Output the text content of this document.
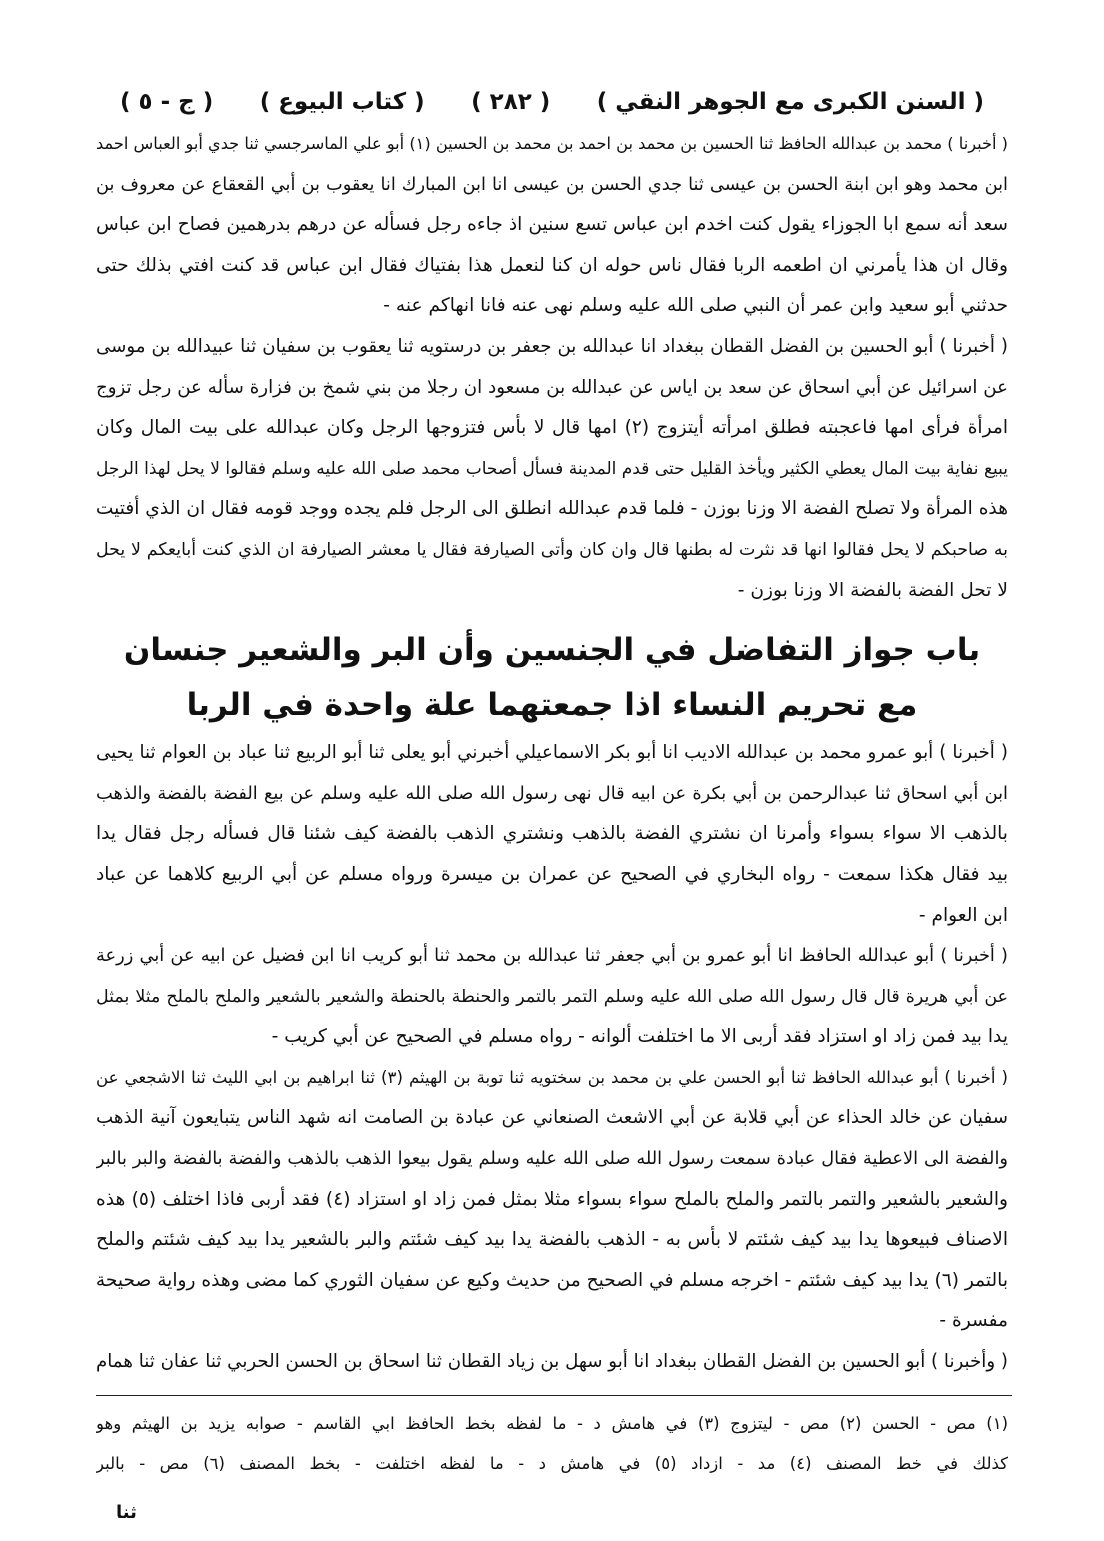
( السنن الكبرى مع الجوهر النقي )
( ٢٨٢ )
( كتاب البيوع )
( ج - ٥ )
( أخبرنا ) محمد بن عبدالله الحافظ ثنا الحسين بن محمد بن احمد بن محمد بن الحسين (١) أبو علي الماسرجسي ثنا جدي أبو العباس احمد
ابن محمد وهو ابن ابنة الحسن بن عيسى ثنا جدي الحسن بن عيسى انا ابن المبارك انا يعقوب بن أبي القعقاع عن معروف بن
سعد أنه سمع ابا الجوزاء يقول كنت اخدم ابن عباس تسع سنين اذ جاءه رجل فسأله عن درهم بدرهمين فصاح ابن عباس
وقال ان هذا يأمرني ان اطعمه الربا فقال ناس حوله ان كنا لنعمل هذا بفتياك فقال ابن عباس قد كنت افتي بذلك حتى
حدثني أبو سعيد وابن عمر أن النبي صلى الله عليه وسلم نهى عنه فانا انهاكم عنه -
( أخبرنا ) أبو الحسين بن الفضل القطان ببغداد انا عبدالله بن جعفر بن درستويه ثنا يعقوب بن سفيان ثنا عبيدالله بن موسى
عن اسرائيل عن أبي اسحاق عن سعد بن اياس عن عبدالله بن مسعود ان رجلا من بني شمخ بن فزارة سأله عن رجل تزوج
امرأة فرأى امها فاعجبته فطلق امرأته أيتزوج (٢) امها قال لا بأس فتزوجها الرجل وكان عبدالله على بيت المال وكان
يبيع نفاية بيت المال يعطي الكثير ويأخذ القليل حتى قدم المدينة فسأل أصحاب محمد صلى الله عليه وسلم فقالوا لا يحل لهذا الرجل
هذه المرأة ولا تصلح الفضة الا وزنا بوزن - فلما قدم عبدالله انطلق الى الرجل فلم يجده ووجد قومه فقال ان الذي أفتيت
به صاحبكم لا يحل فقالوا انها قد نثرت له بطنها قال وان كان وأتى الصيارفة فقال يا معشر الصيارفة ان الذي كنت أبايعكم لا يحل
لا تحل الفضة بالفضة الا وزنا بوزن -
باب جواز التفاضل في الجنسين وأن البر والشعير جنسان
مع تحريم النساء اذا جمعتهما علة واحدة في الربا
( أخبرنا ) أبو عمرو محمد بن عبدالله الاديب انا أبو بكر الاسماعيلي أخبرني أبو يعلى ثنا أبو الربيع ثنا عباد بن العوام ثنا يحيى
ابن أبي اسحاق ثنا عبدالرحمن بن أبي بكرة عن ابيه قال نهى رسول الله صلى الله عليه وسلم عن بيع الفضة بالفضة والذهب
بالذهب الا سواء بسواء وأمرنا ان نشتري الفضة بالذهب ونشتري الذهب بالفضة كيف شئنا قال فسأله رجل فقال يدا
بيد فقال هكذا سمعت - رواه البخاري في الصحيح عن عمران بن ميسرة ورواه مسلم عن أبي الربيع كلاهما عن عباد
ابن العوام -
( أخبرنا ) أبو عبدالله الحافظ انا أبو عمرو بن أبي جعفر ثنا عبدالله بن محمد ثنا أبو كريب انا ابن فضيل عن ابيه عن أبي زرعة
عن أبي هريرة قال قال رسول الله صلى الله عليه وسلم التمر بالتمر والحنطة بالحنطة والشعير بالشعير والملح بالملح مثلا بمثل
يدا بيد فمن زاد او استزاد فقد أربى الا ما اختلفت ألوانه - رواه مسلم في الصحيح عن أبي كريب -
( أخبرنا ) أبو عبدالله الحافظ ثنا أبو الحسن علي بن محمد بن سختويه ثنا توبة بن الهيثم (٣) ثنا ابراهيم بن ابي الليث ثنا الاشجعي عن
سفيان عن خالد الحذاء عن أبي قلابة عن أبي الاشعث الصنعاني عن عبادة بن الصامت انه شهد الناس يتبايعون آنية الذهب
والفضة الى الاعطية فقال عبادة سمعت رسول الله صلى الله عليه وسلم يقول بيعوا الذهب بالذهب والفضة بالفضة والبر بالبر
والشعير بالشعير والتمر بالتمر والملح بالملح سواء بسواء مثلا بمثل فمن زاد او استزاد (٤) فقد أربى فاذا اختلف (٥) هذه
الاصناف فبيعوها يدا بيد كيف شئتم لا بأس به - الذهب بالفضة يدا بيد كيف شئتم والبر بالشعير يدا بيد كيف شئتم والملح
بالتمر (٦) يدا بيد كيف شئتم - اخرجه مسلم في الصحيح من حديث وكيع عن سفيان الثوري كما مضى وهذه رواية صحيحة
مفسرة -
( وأخبرنا ) أبو الحسين بن الفضل القطان ببغداد انا أبو سهل بن زياد القطان ثنا اسحاق بن الحسن الحربي ثنا عفان ثنا همام
(١) مص - الحسن (٢) مص - ليتزوج (٣) في هامش د - ما لفظه بخط الحافظ ابي القاسم - صوابه يزيد بن الهيثم وهو
كذلك في خط المصنف (٤) مد - ازداد (٥) في هامش د - ما لفظه اختلفت - بخط المصنف (٦) مص - بالبر
ثنا
